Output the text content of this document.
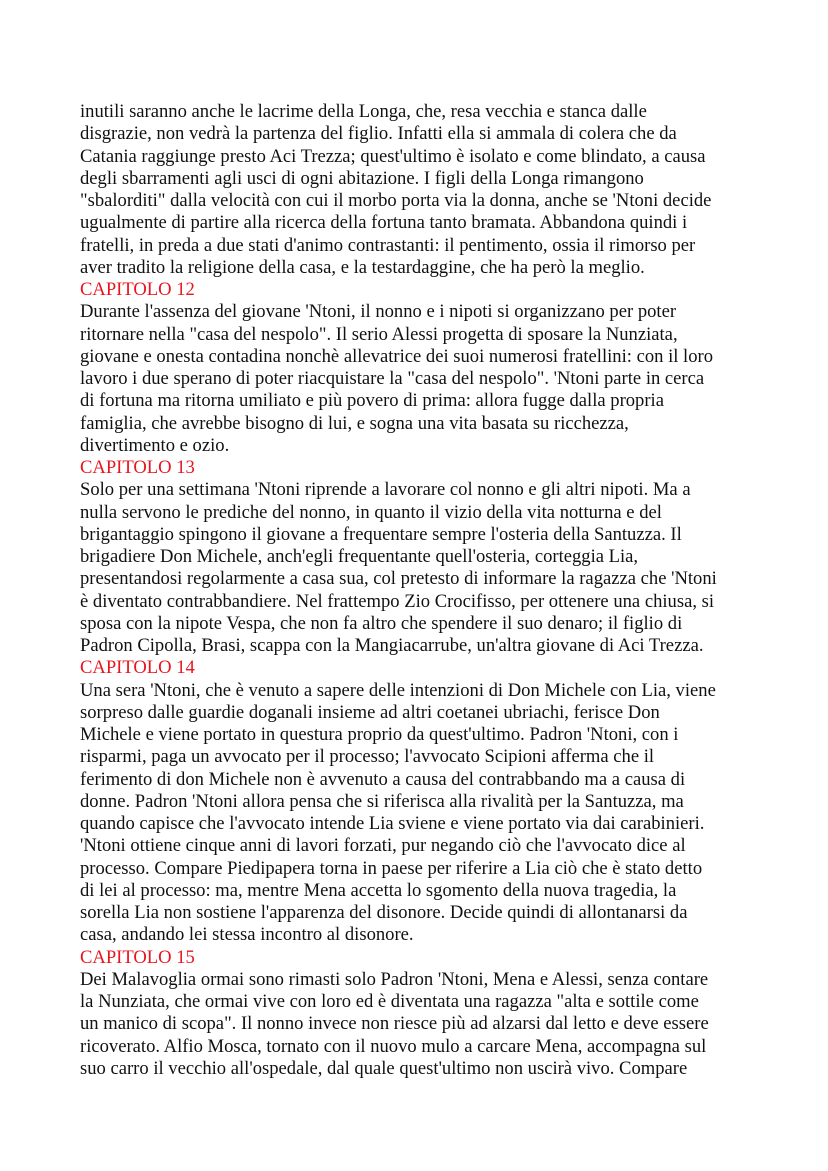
inutili saranno anche le lacrime della Longa, che, resa vecchia e stanca dalle
disgrazie, non vedrà la partenza del figlio. Infatti ella si ammala di colera che da
Catania raggiunge presto Aci Trezza; quest'ultimo è isolato e come blindato, a causa
degli sbarramenti agli usci di ogni abitazione. I figli della Longa rimangono
"sbalorditi" dalla velocità con cui il morbo porta via la donna, anche se 'Ntoni decide
ugualmente di partire alla ricerca della fortuna tanto bramata. Abbandona quindi i
fratelli, in preda a due stati d'animo contrastanti: il pentimento, ossia il rimorso per
aver tradito la religione della casa, e la testardaggine, che ha però la meglio.
CAPITOLO 12
Durante l'assenza del giovane 'Ntoni, il nonno e i nipoti si organizzano per poter
ritornare nella "casa del nespolo". Il serio Alessi progetta di sposare la Nunziata,
giovane e onesta contadina nonchè allevatrice dei suoi numerosi fratellini: con il loro
lavoro i due sperano di poter riacquistare la "casa del nespolo". 'Ntoni parte in cerca
di fortuna ma ritorna umiliato e più povero di prima: allora fugge dalla propria
famiglia, che avrebbe bisogno di lui, e sogna una vita basata su ricchezza,
divertimento e ozio.
CAPITOLO 13
Solo per una settimana 'Ntoni riprende a lavorare col nonno e gli altri nipoti. Ma a
nulla servono le prediche del nonno, in quanto il vizio della vita notturna e del
brigantaggio spingono il giovane a frequentare sempre l'osteria della Santuzza. Il
brigadiere Don Michele, anch'egli frequentante quell'osteria, corteggia Lia,
presentandosi regolarmente a casa sua, col pretesto di informare la ragazza che 'Ntoni
è diventato contrabbandiere. Nel frattempo Zio Crocifisso, per ottenere una chiusa, si
sposa con la nipote Vespa, che non fa altro che spendere il suo denaro; il figlio di
Padron Cipolla, Brasi, scappa con la Mangiacarrube, un'altra giovane di Aci Trezza.
CAPITOLO 14
Una sera 'Ntoni, che è venuto a sapere delle intenzioni di Don Michele con Lia, viene
sorpreso dalle guardie doganali insieme ad altri coetanei ubriachi, ferisce Don
Michele e viene portato in questura proprio da quest'ultimo. Padron 'Ntoni, con i
risparmi, paga un avvocato per il processo; l'avvocato Scipioni afferma che il
ferimento di don Michele non è avvenuto a causa del contrabbando ma a causa di
donne. Padron 'Ntoni allora pensa che si riferisca alla rivalità per la Santuzza, ma
quando capisce che l'avvocato intende Lia sviene e viene portato via dai carabinieri.
'Ntoni ottiene cinque anni di lavori forzati, pur negando ciò che l'avvocato dice al
processo. Compare Piedipapera torna in paese per riferire a Lia ciò che è stato detto
di lei al processo: ma, mentre Mena accetta lo sgomento della nuova tragedia, la
sorella Lia non sostiene l'apparenza del disonore. Decide quindi di allontanarsi da
casa, andando lei stessa incontro al disonore.
CAPITOLO 15
Dei Malavoglia ormai sono rimasti solo Padron 'Ntoni, Mena e Alessi, senza contare
la Nunziata, che ormai vive con loro ed è diventata una ragazza "alta e sottile come
un manico di scopa". Il nonno invece non riesce più ad alzarsi dal letto e deve essere
ricoverato. Alfio Mosca, tornato con il nuovo mulo a carcare Mena, accompagna sul
suo carro il vecchio all'ospedale, dal quale quest'ultimo non uscirà vivo. Compare
